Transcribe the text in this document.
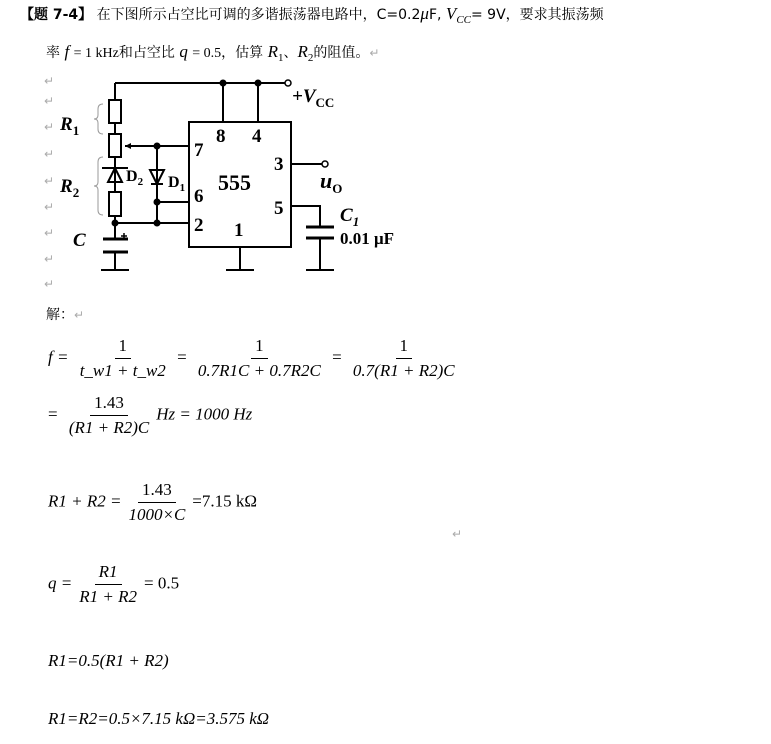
【题 7-4】 在下图所示占空比可调的多谐振荡器电路中，C=0.2μF, $V_{CC}= 9V$，要求其振荡频
率 f = 1 kHz和占空比 q = 0.5，估算 $R_1$、$R_2$的阻值。↵
↵
↵
↵
↵
↵
↵
↵
↵
↵
$+V_{CC}$
$R_1$
$R_2$
C
$D_2$ $D_1$ 555
8 4
7
3
6
5
2 1
$u_O$
$C_1$
0.01 μF
解：↵
$f = \frac{1}{t\_w1 + t\_w2} = \frac{1}{0.7R1C + 0.7R2C} = \frac{1}{0.7(R1 + R2)C}$
= $\frac{1.43}{(R1 + R2)C}$ Hz = 1000 Hz
$R1 + R2 = \frac{1.43}{1000\times C} =7.15$ kΩ
↵
$q = \frac{R1}{R1 + R2} = 0.5$
R1=0.5(R1 + R2)
R1=R2=0.5×7.15 kΩ=3.575 kΩ
